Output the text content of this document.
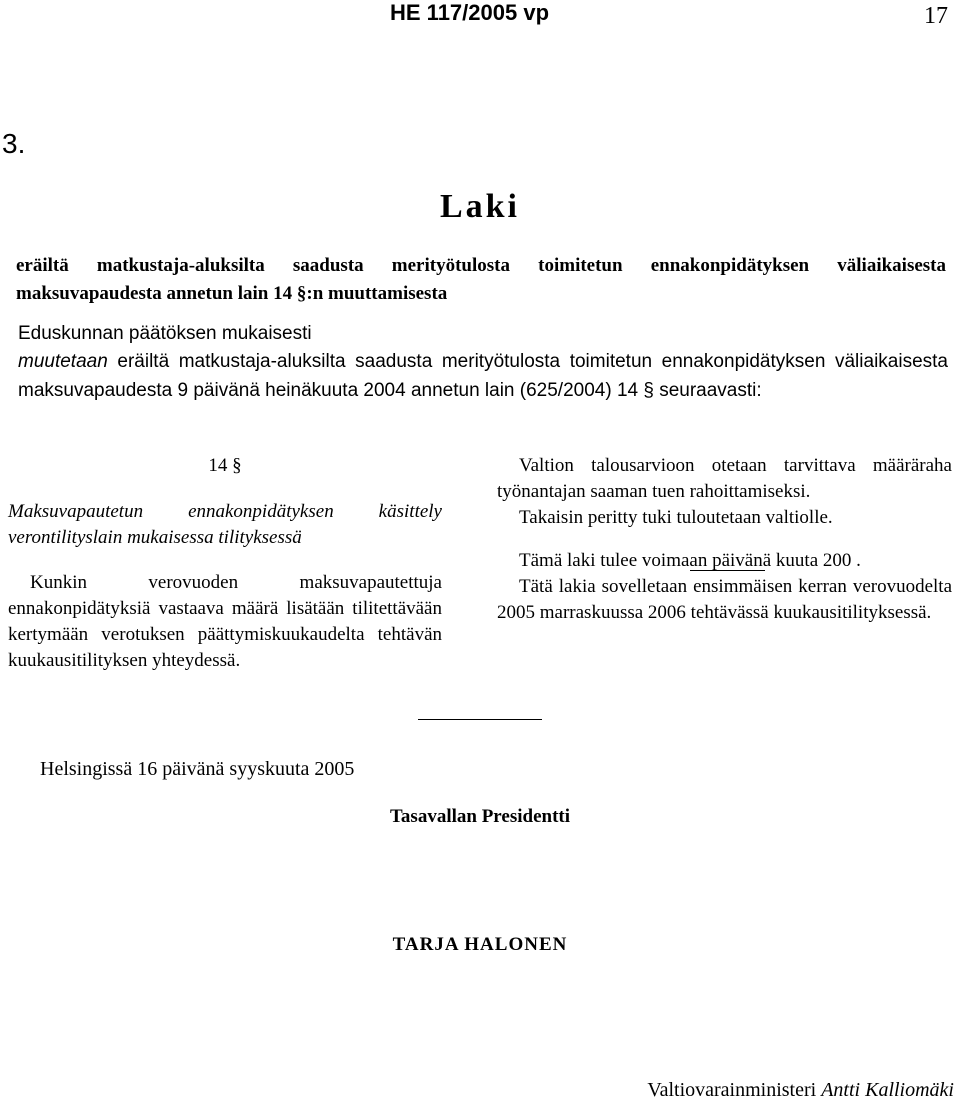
HE 117/2005 vp	17
3.
Laki
eräiltä matkustaja-aluksilta saadusta merityötulosta toimitetun ennakonpidätyksen väliaikaisesta maksuvapaudesta annetun lain 14 §:n muuttamisesta
Eduskunnan päätöksen mukaisesti

muutetaan eräiltä matkustaja-aluksilta saadusta merityötulosta toimitetun ennakonpidätyksen väliaikaisesta maksuvapaudesta 9 päivänä heinäkuuta 2004 annetun lain (625/2004) 14 § seuraavasti:

14 §

Maksuvapautetun ennakonpidätyksen käsittely verontilityslain mukaisessa tilityksessä

Kunkin verovuoden maksuvapautettuja ennakonpidätyksiä vastaava määrä lisätään tilitettävään kertymään verotuksen päättymiskuukaudelta tehtävän kuukausitilityksen yhteydessä.

Valtion talousarvioon otetaan tarvittava määräraha työnantajan saaman tuen rahoittamiseksi.

Takaisin peritty tuki tuloutetaan valtiolle.

Tämä laki tulee voimaan päivänä kuuta 200 .

Tätä lakia sovelletaan ensimmäisen kerran verovuodelta 2005 marraskuussa 2006 tehtävässä kuukausitilityksessä.

Helsingissä 16 päivänä syyskuuta 2005
Tasavallan Presidentti
TARJA HALONEN
Valtiovarainministeri Antti Kalliomäki
